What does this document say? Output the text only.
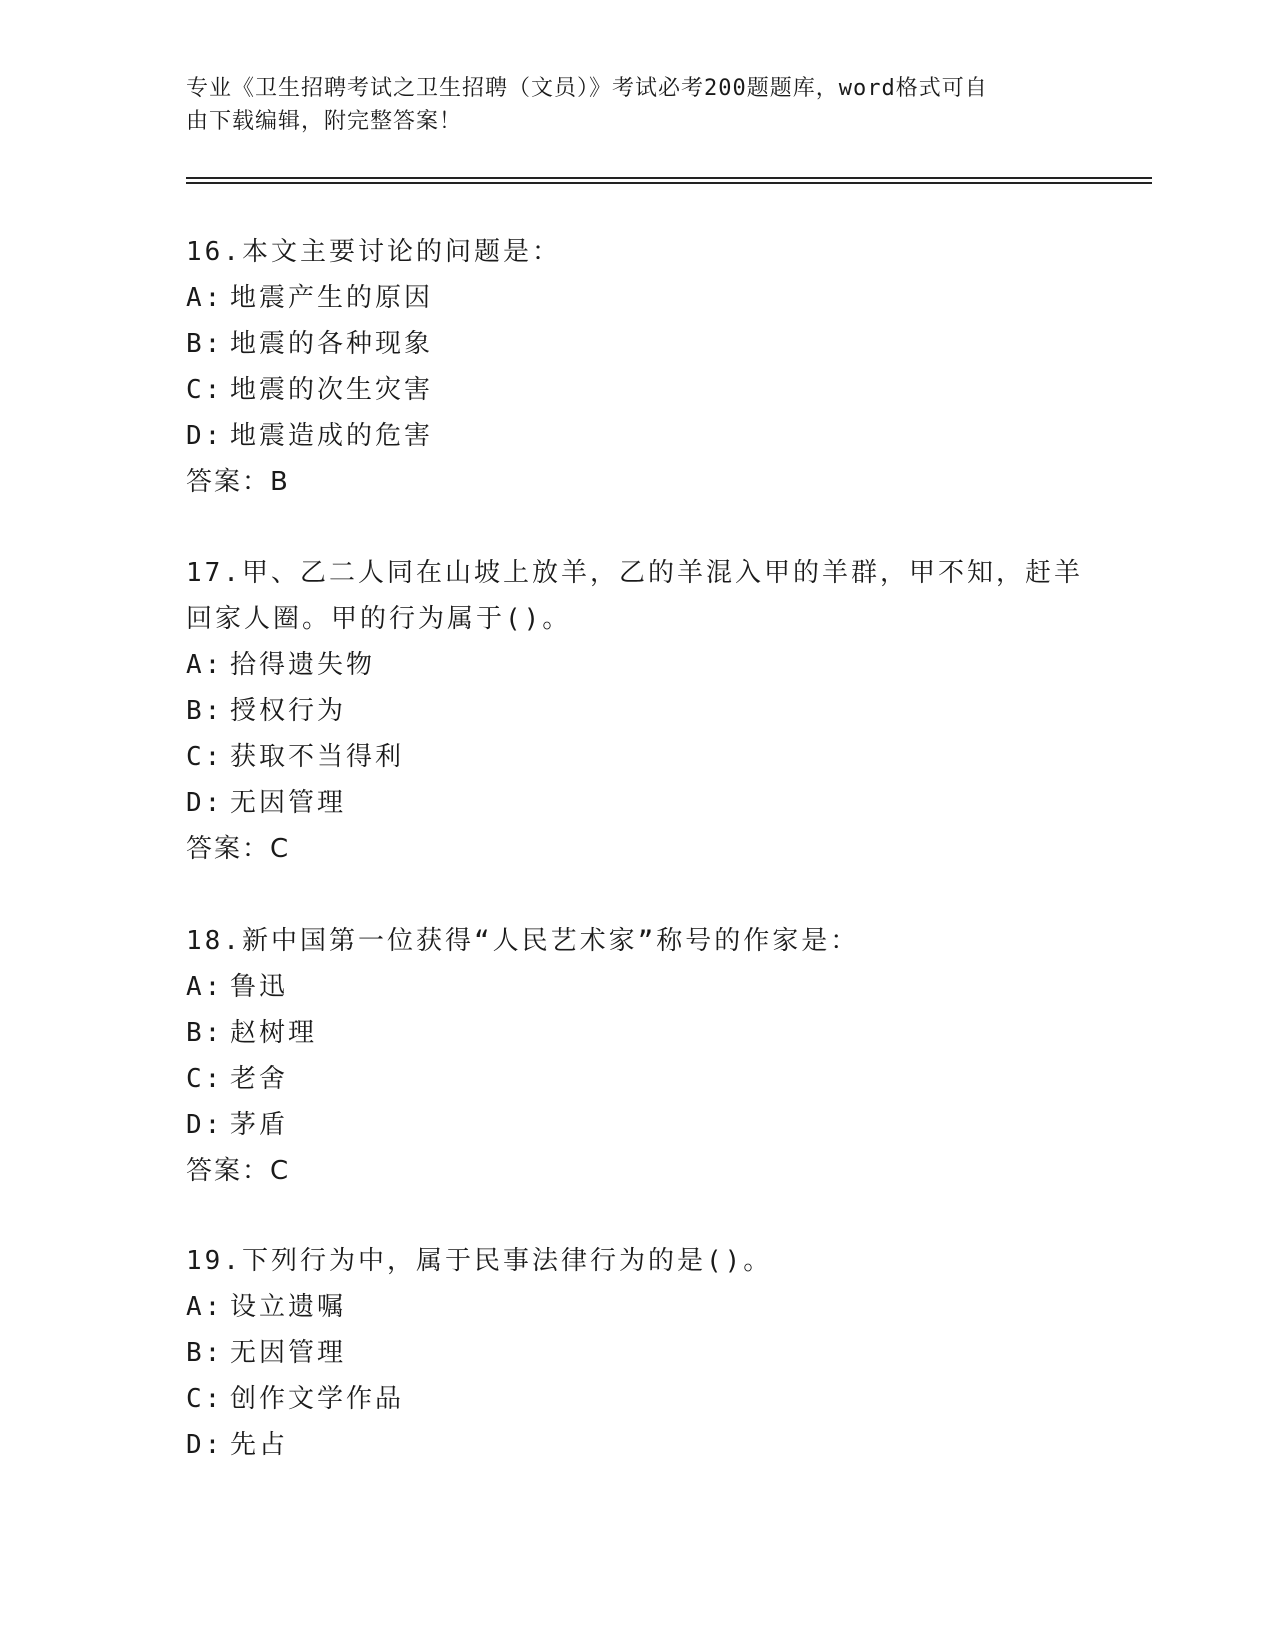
专业《卫生招聘考试之卫生招聘（文员）》考试必考200题题库，word格式可自
由下载编辑，附完整答案！
16.本文主要讨论的问题是：
A: 地震产生的原因
B: 地震的各种现象
C: 地震的次生灾害
D: 地震造成的危害
答案：B
17.甲、乙二人同在山坡上放羊，乙的羊混入甲的羊群，甲不知，赶羊
回家人圈。甲的行为属于()。
A: 拾得遗失物
B: 授权行为
C: 获取不当得利
D: 无因管理
答案：C
18.新中国第一位获得“人民艺术家”称号的作家是：
A: 鲁迅
B: 赵树理
C: 老舍
D: 茅盾
答案：C
19.下列行为中，属于民事法律行为的是()。
A: 设立遗嘱
B: 无因管理
C: 创作文学作品
D: 先占
